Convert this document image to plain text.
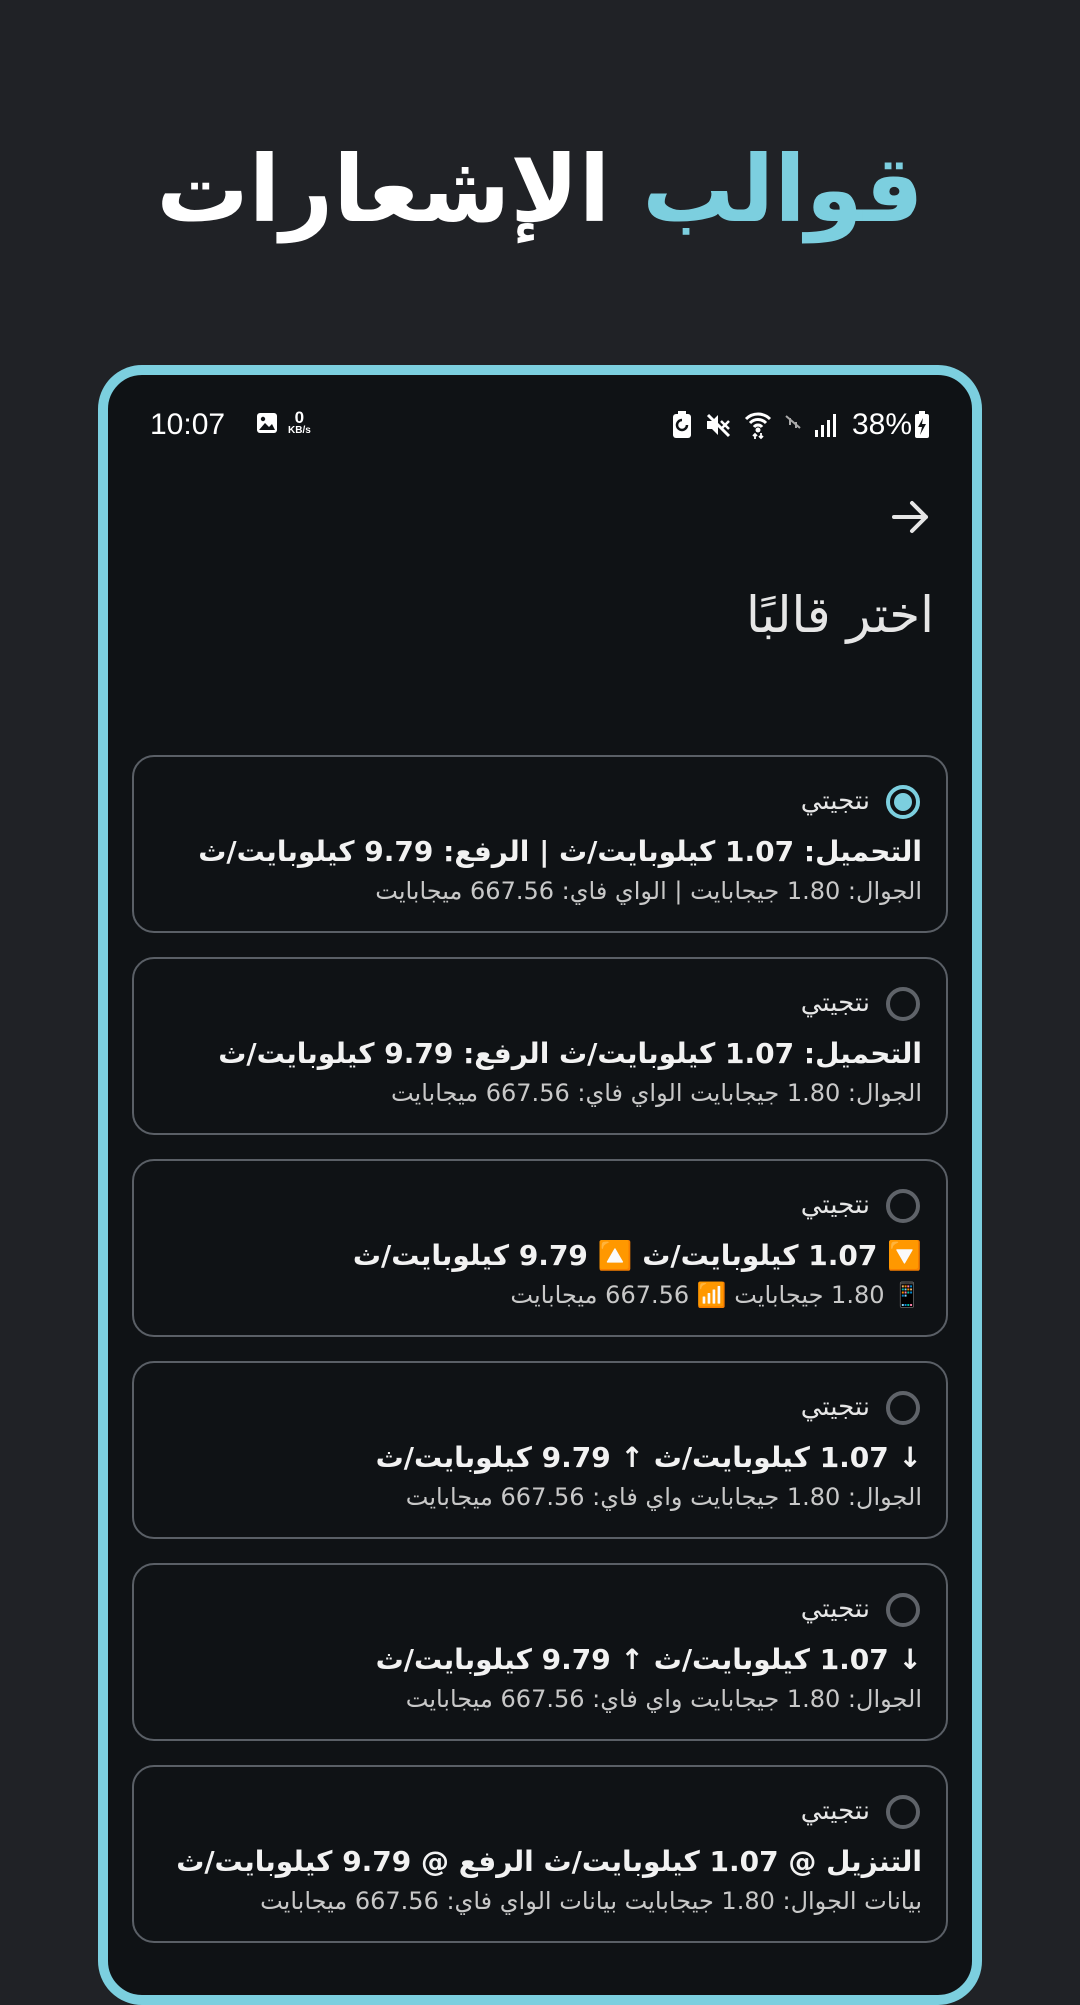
قوالب الإشعارات
10:07	0
KB/s	38%
اختر قالبًا
نتجيتي
التحميل: 1.07 كيلوبايت/ث | الرفع: 9.79 كيلوبايت/ث
الجوال: 1.80 جيجابايت | الواي فاي: 667.56 ميجابايت
نتجيتي
التحميل: 1.07 كيلوبايت/ث الرفع: 9.79 كيلوبايت/ث
الجوال: 1.80 جيجابايت الواي فاي: 667.56 ميجابايت
نتجيتي
🔽 1.07 كيلوبايت/ث 🔼 9.79 كيلوبايت/ث
📱 1.80 جيجابايت 📶 667.56 ميجابايت
نتجيتي
↓ 1.07 كيلوبايت/ث ↑ 9.79 كيلوبايت/ث
الجوال: 1.80 جيجابايت واي فاي: 667.56 ميجابايت
نتجيتي
↓ 1.07 كيلوبايت/ث ↑ 9.79 كيلوبايت/ث
الجوال: 1.80 جيجابايت واي فاي: 667.56 ميجابايت
نتجيتي
التنزيل @ 1.07 كيلوبايت/ث الرفع @ 9.79 كيلوبايت/ث
بيانات الجوال: 1.80 جيجابايت بيانات الواي فاي: 667.56 ميجابايت
